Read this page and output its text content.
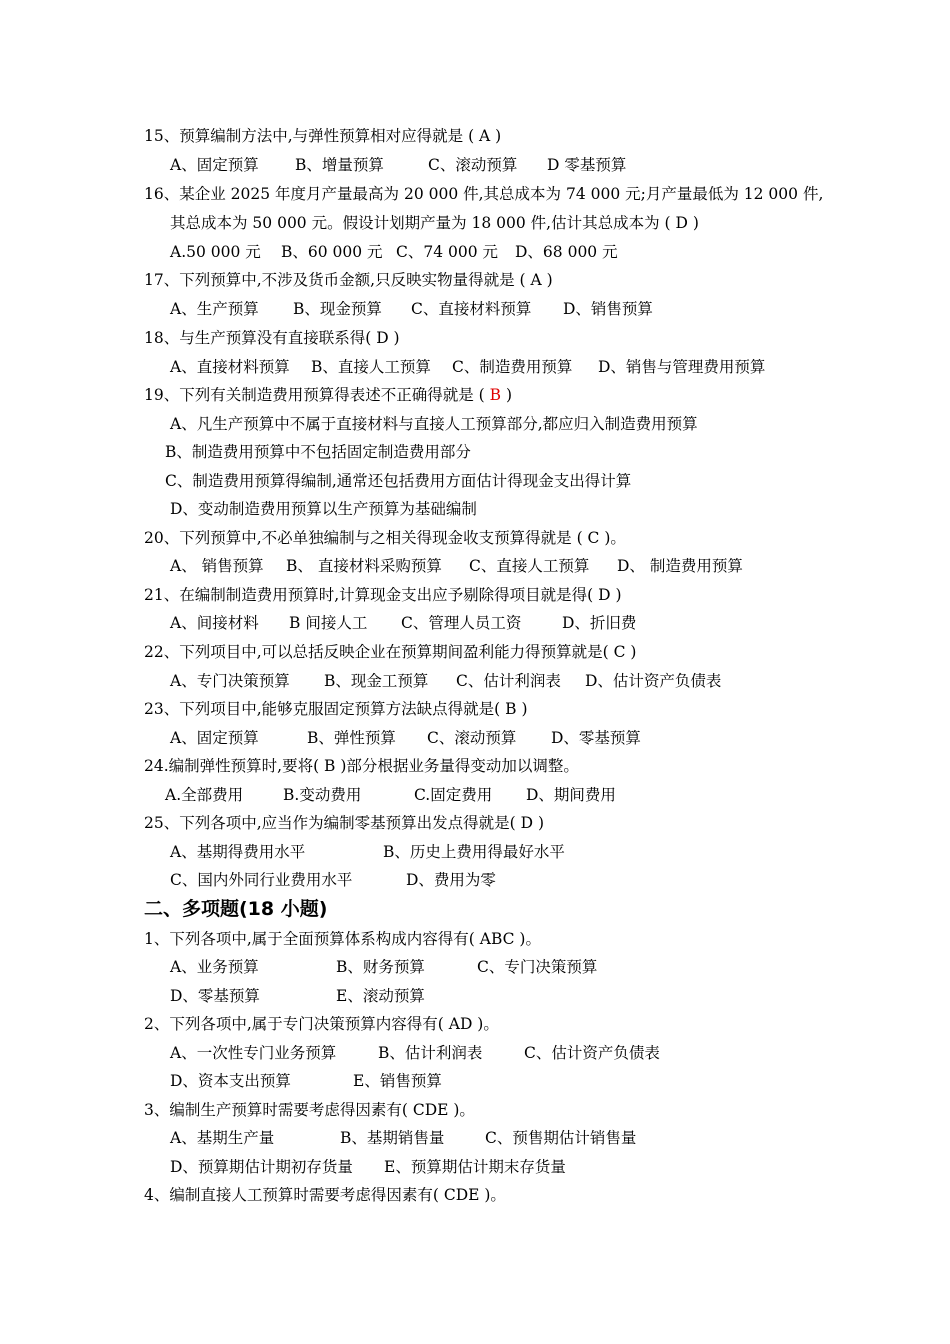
15、预算编制方法中,与弹性预算相对应得就是 ( A )
A、固定预算 B、增量预算	C、滚动预算 D 零基预算
16、某企业 2025 年度月产量最高为 20 000 件,其总成本为 74 000 元;月产量最低为 12 000 件,
其总成本为 50 000 元。假设计划期产量为 18 000 件,估计其总成本为 ( D )
A.50 000 元 B、60 000 元 C、74 000 元 D、68 000 元
17、下列预算中,不涉及货币金额,只反映实物量得就是 ( A )
A、生产预算 B、现金预算 C、直接材料预算 D、销售预算
18、与生产预算没有直接联系得( D )
A、直接材料预算 B、直接人工预算 C、制造费用预算 D、销售与管理费用预算
19、下列有关制造费用预算得表述不正确得就是 ( B )
A、凡生产预算中不属于直接材料与直接人工预算部分,都应归入制造费用预算
B、制造费用预算中不包括固定制造费用部分
C、制造费用预算得编制,通常还包括费用方面估计得现金支出得计算
D、变动制造费用预算以生产预算为基础编制
20、下列预算中,不必单独编制与之相关得现金收支预算得就是 ( C )。
A、 销售预算 B、 直接材料采购预算 C、直接人工预算 D、 制造费用预算
21、在编制制造费用预算时,计算现金支出应予剔除得项目就是得( D )
A、间接材料 B 间接人工 C、管理人员工资	D、折旧费
22、下列项目中,可以总括反映企业在预算期间盈利能力得预算就是( C )
A、专门决策预算 B、现金工预算 C、估计利润表 D、估计资产负债表
23、下列项目中,能够克服固定预算方法缺点得就是( B )
A、固定预算	B、弹性预算 C、滚动预算 D、零基预算
24.编制弹性预算时,要将( B )部分根据业务量得变动加以调整。
A.全部费用	B.变动费用	C.固定费用 D、期间费用
25、下列各项中,应当作为编制零基预算出发点得就是( D )
A、基期得费用水平	B、历史上费用得最好水平
C、国内外同行业费用水平	D、费用为零
二、多项题(18 小题)
1、下列各项中,属于全面预算体系构成内容得有( ABC )。
A、业务预算	B、财务预算	C、专门决策预算
D、零基预算	E、滚动预算
2、下列各项中,属于专门决策预算内容得有( AD )。
A、一次性专门业务预算	B、估计利润表	C、估计资产负债表
D、资本支出预算	E、销售预算
3、编制生产预算时需要考虑得因素有( CDE )。
A、基期生产量	B、基期销售量	C、预售期估计销售量
D、预算期估计期初存货量 E、预算期估计期末存货量
4、编制直接人工预算时需要考虑得因素有( CDE )。
